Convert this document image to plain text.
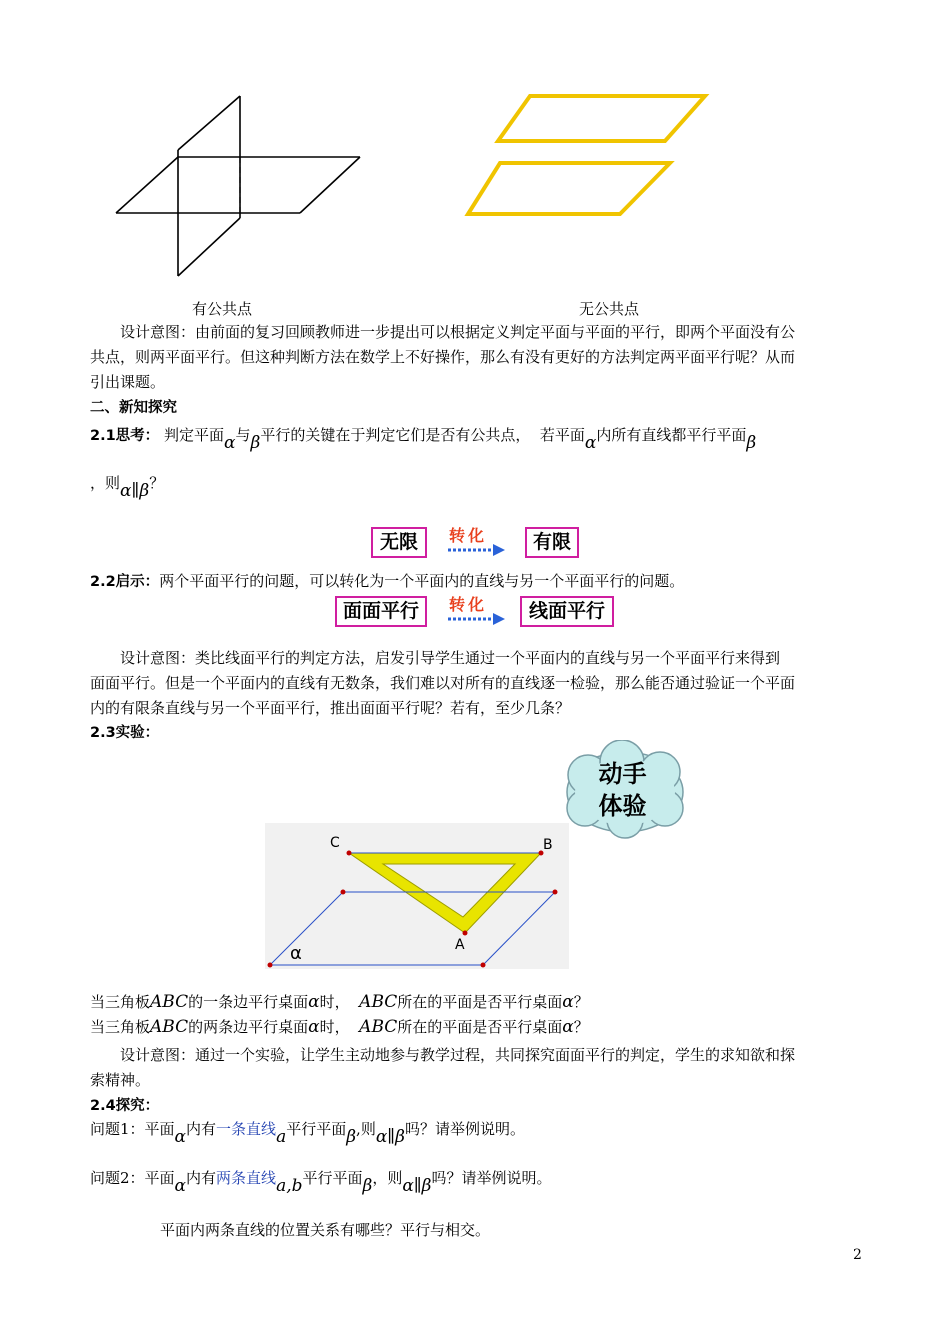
有公共点	无公共点
设计意图：由前面的复习回顾教师进一步提出可以根据定义判定平面与平面的平行，即两个平面没有公
共点，则两平面平行。但这种判断方法在数学上不好操作，那么有没有更好的方法判定两平面平行呢？从而
引出课题。
二、新知探究
2.1思考： 判定平面α与β平行的关键在于判定它们是否有公共点， 若平面α内所有直线都平行平面β
，则α∥β？
无限	转化	有限
2.2启示：两个平面平行的问题，可以转化为一个平面内的直线与另一个平面平行的问题。
面面平行	转化	线面平行
设计意图：类比线面平行的判定方法，启发引导学生通过一个平面内的直线与另一个平面平行来得到
面面平行。但是一个平面内的直线有无数条，我们难以对所有的直线逐一检验，那么能否通过验证一个平面
内的有限条直线与另一个平面平行，推出面面平行呢？若有，至少几条？
2.3实验：
动手
体验
C	B
A
α
当三角板ABC的一条边平行桌面α时， ABC所在的平面是否平行桌面α？
当三角板ABC的两条边平行桌面α时， ABC所在的平面是否平行桌面α？
设计意图：通过一个实验，让学生主动地参与教学过程，共同探究面面平行的判定，学生的求知欲和探
索精神。
2.4探究：
问题1：平面α内有一条直线a平行平面β,则α∥β吗？请举例说明。
问题2：平面α内有两条直线a,b平行平面β，则α∥β吗？请举例说明。
平面内两条直线的位置关系有哪些？平行与相交。
2
